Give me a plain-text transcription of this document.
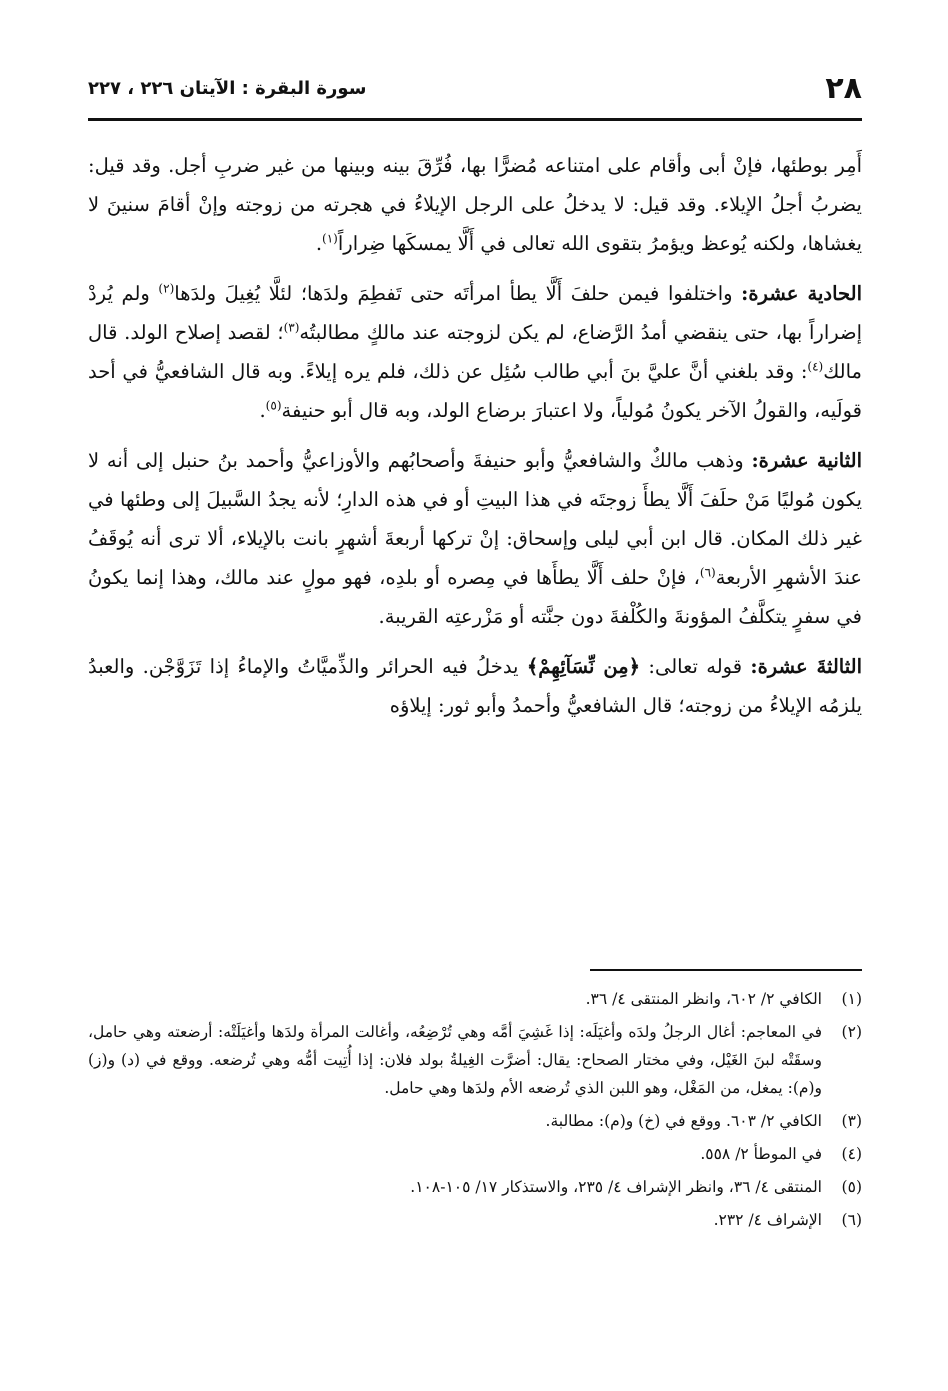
٢٨
سورة البقرة : الآيتان ٢٢٦ ، ٢٢٧

أَمِر بوطئها، فإنْ أبى وأقام على امتناعه مُضرًّا بها، فُرِّقَ بينه وبينها من غير ضربِ أجل. وقد قيل: يضربُ أجلُ الإيلاء. وقد قيل: لا يدخلُ على الرجل الإيلاءُ في هجرته من زوجته وإنْ أقامَ سنينَ لا يغشاها، ولكنه يُوعظ ويؤمرُ بتقوى الله تعالى في أَلَّا يمسكَها ضِراراً$^{(١)}$.

الحادية عشرة: واختلفوا فيمن حلفَ أَلَّا يطأ امرأتَه حتى تَفطِمَ ولدَها؛ لئلَّا يُغِيلَ ولدَها$^{(٢)}$ ولم يُردْ إضراراً بها، حتى ينقضي أمدُ الرَّضاع، لم يكن لزوجته عند مالكٍ مطالبتُه$^{(٣)}$؛ لقصد إصلاح الولد. قال مالك$^{(٤)}$: وقد بلغني أنَّ عليَّ بنَ أبي طالب سُئِل عن ذلك، فلم يره إيلاءً. وبه قال الشافعيُّ في أحد قولَيه، والقولُ الآخر يكونُ مُولياً، ولا اعتبارَ برضاع الولد، وبه قال أبو حنيفة$^{(٥)}$.

الثانية عشرة: وذهب مالكٌ والشافعيُّ وأبو حنيفةَ وأصحابُهم والأوزاعيُّ وأحمد بنُ حنبل إلى أنه لا يكون مُوليًا مَنْ حلَفَ أَلَّا يطأَ زوجتَه في هذا البيتِ أو في هذه الدارِ؛ لأنه يجدُ السَّبيلَ إلى وطئها في غير ذلك المكان. قال ابن أبي ليلى وإسحاق: إنْ تركها أربعةَ أشهرٍ بانت بالإيلاء، ألا ترى أنه يُوقَفُ عندَ الأشهرِ الأربعة$^{(٦)}$، فإنْ حلف أَلَّا يطأَها في مِصره أو بلدِه، فهو مولٍ عند مالك، وهذا إنما يكونُ في سفرٍ يتكلَّفُ المؤونةَ والكُلْفةَ دون جنَّته أو مَزْرعتِه القريبة.

الثالثةَ عشرة: قوله تعالى: ﴿مِن نِّسَآئِهِمْ﴾ يدخلُ فيه الحرائر والذِّميَّاتُ والإماءُ إذا تَزَوَّجْن. والعبدُ يلزمُه الإيلاءُ من زوجته؛ قال الشافعيُّ وأحمدُ وأبو ثور: إيلاؤه

(١)
الكافي ٢/ ٦٠٢، وانظر المنتقى ٤/ ٣٦.
(٢)
في المعاجم: أغال الرجلُ ولدَه وأغيَلَه: إذا غَشِيَ أمَّه وهي تُرْضِعُه، وأغالت المرأة ولدَها وأغيَلَتْه: أرضعته وهي حامل، وسقَتْه لبنَ الغَيْل، وفي مختار الصحاح: يقال: أضرَّت الغِيلةُ بولد فلان: إذا أُتِيت أمُّه وهي تُرضعه. ووقع في (د) و(ز) و(م): يمغل، من المَغْل، وهو اللبن الذي تُرضعه الأم ولدَها وهي حامل.
(٣)
الكافي ٢/ ٦٠٣. ووقع في (خ) و(م): مطالبة.
(٤)
في الموطأ ٢/ ٥٥٨.
(٥)
المنتقى ٤/ ٣٦، وانظر الإشراف ٤/ ٢٣٥، والاستذكار ١٧/ ١٠٥-١٠٨.
(٦)
الإشراف ٤/ ٢٣٢.
